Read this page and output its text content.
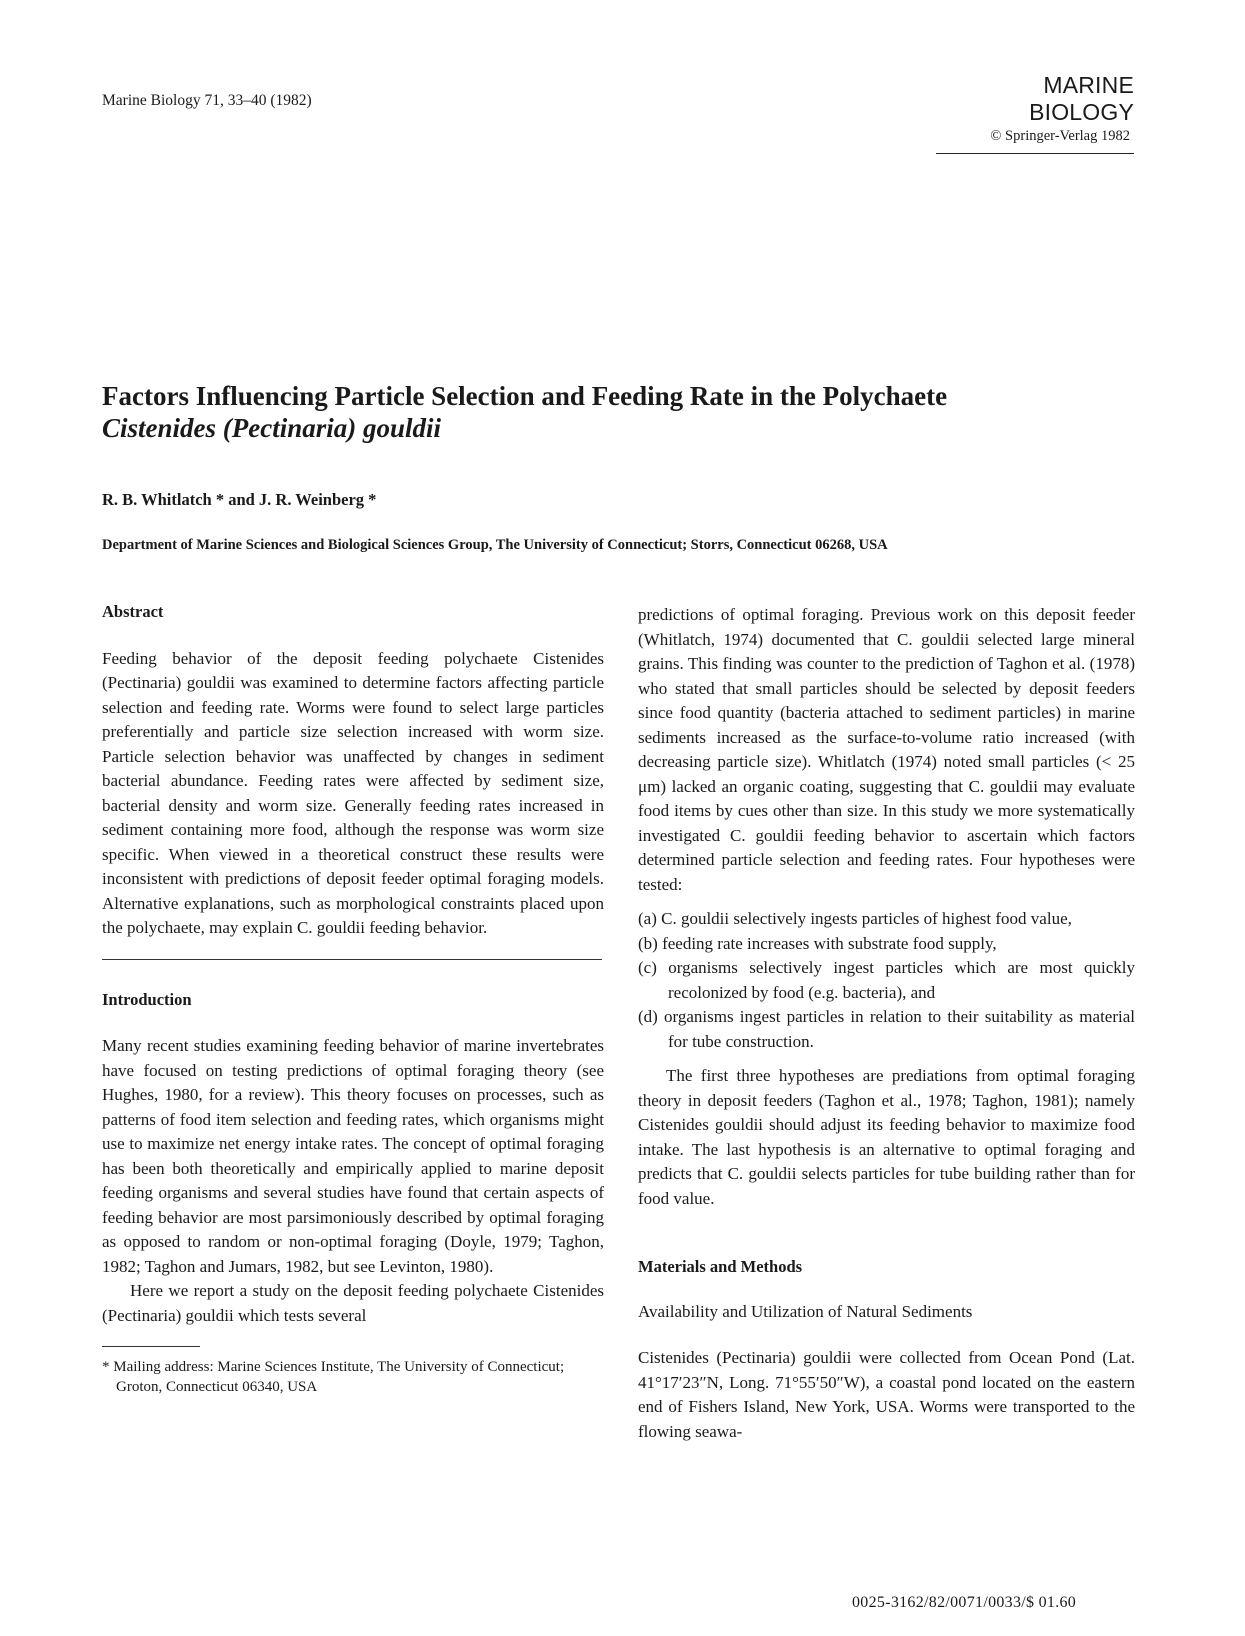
Marine Biology 71, 33–40 (1982)
MARINE BIOLOGY
© Springer-Verlag 1982
Factors Influencing Particle Selection and Feeding Rate in the Polychaete
Cistenides (Pectinaria) gouldii
R. B. Whitlatch * and J. R. Weinberg *
Department of Marine Sciences and Biological Sciences Group, The University of Connecticut; Storrs, Connecticut 06268, USA

Abstract

Feeding behavior of the deposit feeding polychaete Cistenides (Pectinaria) gouldii was examined to determine factors affecting particle selection and feeding rate. Worms were found to select large particles preferentially and particle size selection increased with worm size. Particle selection behavior was unaffected by changes in sediment bacterial abundance. Feeding rates were affected by sediment size, bacterial density and worm size. Generally feeding rates increased in sediment containing more food, although the response was worm size specific. When viewed in a theoretical construct these results were inconsistent with predictions of deposit feeder optimal foraging models. Alternative explanations, such as morphological constraints placed upon the polychaete, may explain C. gouldii feeding behavior.

Introduction

Many recent studies examining feeding behavior of marine invertebrates have focused on testing predictions of optimal foraging theory (see Hughes, 1980, for a review). This theory focuses on processes, such as patterns of food item selection and feeding rates, which organisms might use to maximize net energy intake rates. The concept of optimal foraging has been both theoretically and empirically applied to marine deposit feeding organisms and several studies have found that certain aspects of feeding behavior are most parsimoniously described by optimal foraging as opposed to random or non-optimal foraging (Doyle, 1979; Taghon, 1982; Taghon and Jumars, 1982, but see Levinton, 1980).

Here we report a study on the deposit feeding polychaete Cistenides (Pectinaria) gouldii which tests several

* Mailing address: Marine Sciences Institute, The University of Connecticut; Groton, Connecticut 06340, USA

predictions of optimal foraging. Previous work on this deposit feeder (Whitlatch, 1974) documented that C. gouldii selected large mineral grains. This finding was counter to the prediction of Taghon et al. (1978) who stated that small particles should be selected by deposit feeders since food quantity (bacteria attached to sediment particles) in marine sediments increased as the surface-to-volume ratio increased (with decreasing particle size). Whitlatch (1974) noted small particles (< 25 μm) lacked an organic coating, suggesting that C. gouldii may evaluate food items by cues other than size. In this study we more systematically investigated C. gouldii feeding behavior to ascertain which factors determined particle selection and feeding rates. Four hypotheses were tested:

(a) C. gouldii selectively ingests particles of highest food value,

(b) feeding rate increases with substrate food supply,

(c) organisms selectively ingest particles which are most quickly recolonized by food (e.g. bacteria), and

(d) organisms ingest particles in relation to their suitability as material for tube construction.

The first three hypotheses are prediations from optimal foraging theory in deposit feeders (Taghon et al., 1978; Taghon, 1981); namely Cistenides gouldii should adjust its feeding behavior to maximize food intake. The last hypothesis is an alternative to optimal foraging and predicts that C. gouldii selects particles for tube building rather than for food value.

Materials and Methods

Availability and Utilization of Natural Sediments

Cistenides (Pectinaria) gouldii were collected from Ocean Pond (Lat. 41°17′23″N, Long. 71°55′50″W), a coastal pond located on the eastern end of Fishers Island, New York, USA. Worms were transported to the flowing seawa-

0025-3162/82/0071/0033/$ 01.60
